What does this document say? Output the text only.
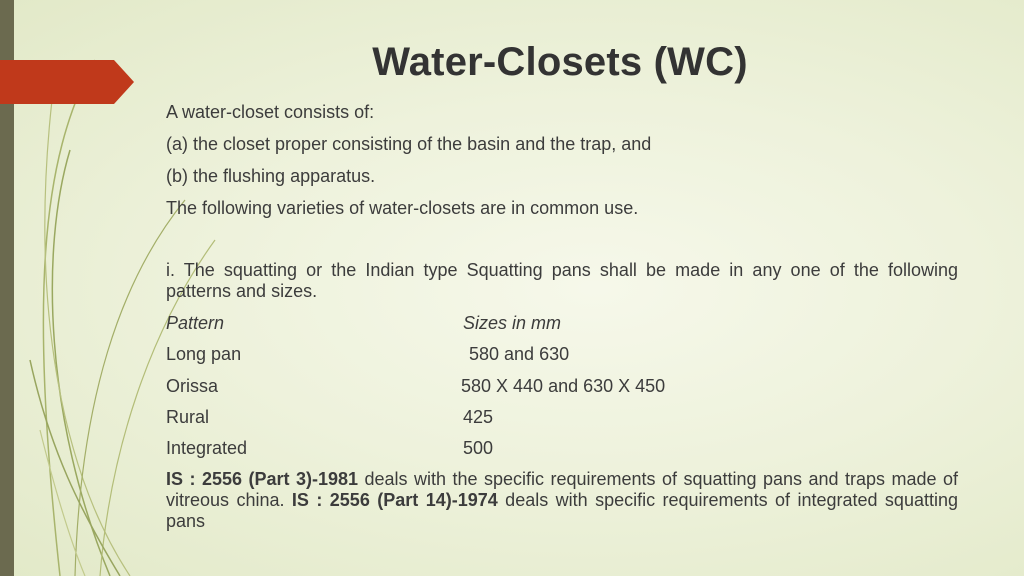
Water-Closets (WC)
A water-closet consists of:
(a) the closet proper consisting of the basin and the trap, and
(b) the flushing apparatus.
The following varieties of water-closets are in common use.
i. The squatting or the Indian type Squatting pans shall be made in any one of the following patterns and sizes.
Pattern	Sizes in mm
Long pan	580 and 630
Orissa	580 X 440 and 630 X 450
Rural	425
Integrated	500
IS : 2556 (Part 3)-1981 deals with the specific requirements of squatting pans and traps made of vitreous china. IS : 2556 (Part 14)-1974 deals with specific requirements of integrated squatting pans
